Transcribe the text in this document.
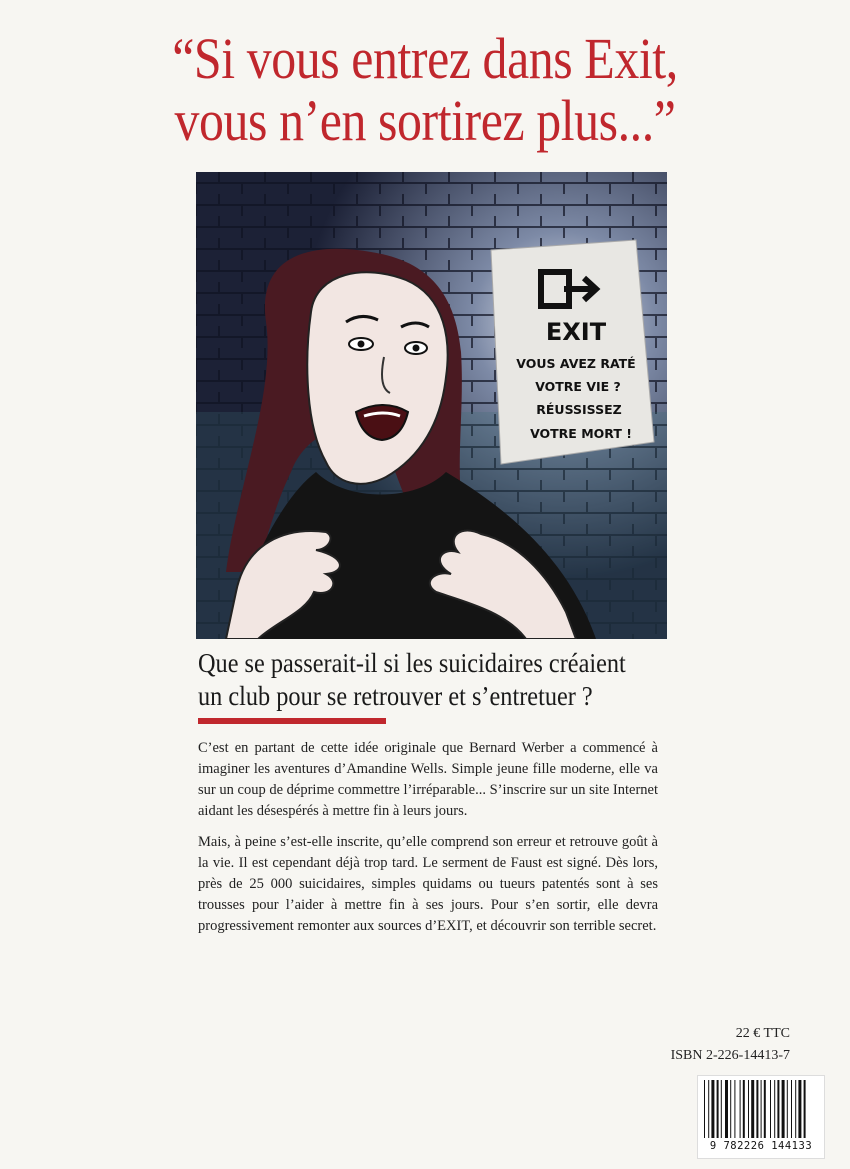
“Si vous entrez dans Exit,
vous n’en sortirez plus...”
EXIT
VOUS AVEZ RATÉ
VOTRE VIE ?
RÉUSSISSEZ
VOTRE MORT !
Que se passerait-il si les suicidaires créaient
un club pour se retrouver et s’entretuer ?

C’est en partant de cette idée originale que Bernard Werber a commencé à imaginer les aventures d’Amandine Wells. Simple jeune fille moderne, elle va sur un coup de déprime commettre l’irréparable... S’inscrire sur un site Internet aidant les désespérés à mettre fin à leurs jours.

Mais, à peine s’est-elle inscrite, qu’elle comprend son erreur et retrouve goût à la vie. Il est cependant déjà trop tard. Le serment de Faust est signé. Dès lors, près de 25 000 suicidaires, simples quidams ou tueurs patentés sont à ses trousses pour l’aider à mettre fin à ses jours. Pour s’en sortir, elle devra progressivement remonter aux sources d’EXIT, et découvrir son terrible secret.

22 € TTC
ISBN 2-226-14413-7
9 782226 144133
